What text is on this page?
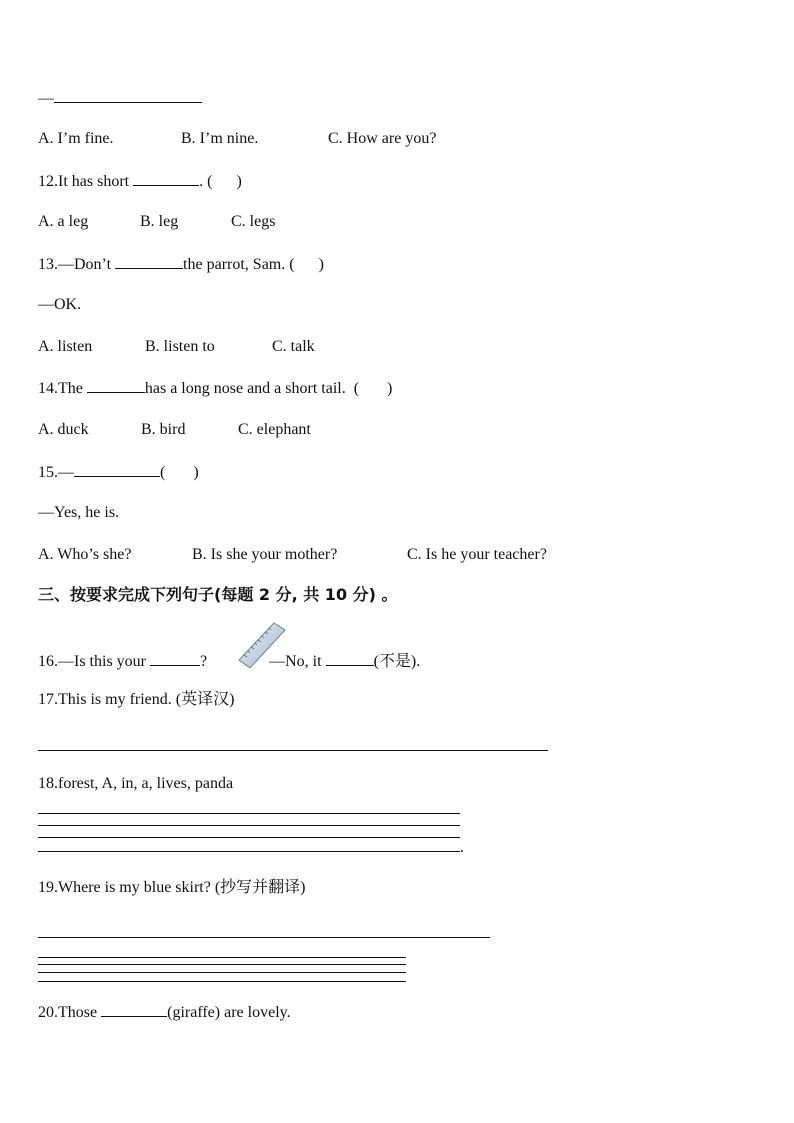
—
A. I’m fine.	B. I’m nine.	C. How are you?
12.It has short	. ( )
A. a leg	B. leg	C. legs
13.—Don’t	the parrot, Sam. ( )
—OK.
A. listen	B. listen to	C. talk
14.The	has a long nose and a short tail. ( )
A. duck	B. bird	C. elephant
15.—	( )
—Yes, he is.
A. Who’s she?	B. Is she your mother?	C. Is he your teacher?
三、按要求完成下列句子(每题 2 分, 共 10 分) 。
16.—Is this your	?	—No, it	(不是).
17.This is my friend. (英译汉)
18.forest, A, in, a, lives, panda
.
19.Where is my blue skirt? (抄写并翻译)
20.Those	(giraffe) are lovely.
